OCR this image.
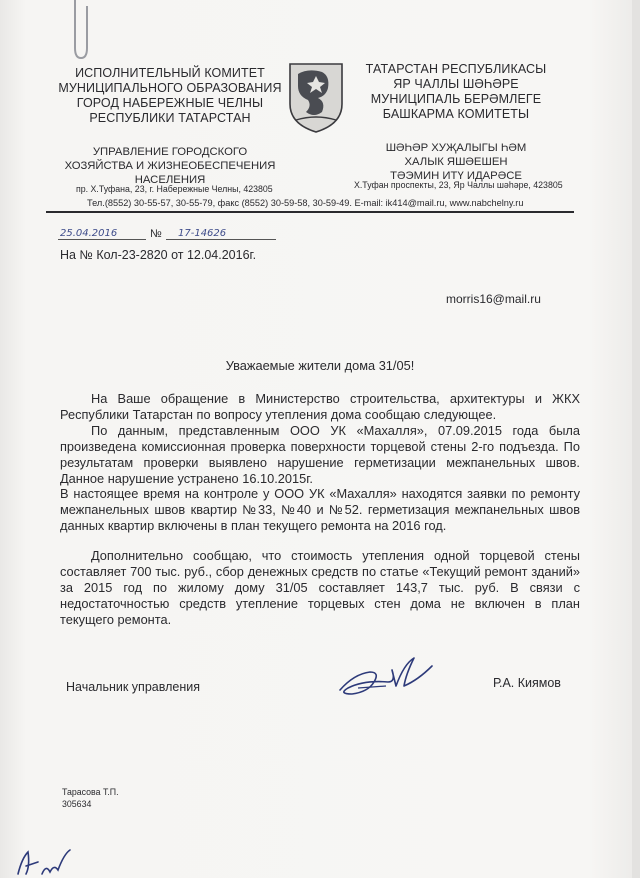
ИСПОЛНИТЕЛЬНЫЙ КОМИТЕТ
МУНИЦИПАЛЬНОГО ОБРАЗОВАНИЯ
ГОРОД НАБЕРЕЖНЫЕ ЧЕЛНЫ
РЕСПУБЛИКИ ТАТАРСТАН
УПРАВЛЕНИЕ ГОРОДСКОГО
ХОЗЯЙСТВА И ЖИЗНЕОБЕСПЕЧЕНИЯ
НАСЕЛЕНИЯ
пр. Х.Туфана, 23, г. Набережные Челны, 423805
ТАТАРСТАН РЕСПУБЛИКАСЫ
ЯР ЧАЛЛЫ ШӘҺӘРЕ
МУНИЦИПАЛЬ БЕРӘМЛЕГЕ
БАШКАРМА КОМИТЕТЫ
ШӘҺӘР ХУҖАЛЫГЫ ҺӘМ
ХАЛЫК ЯШӘЕШЕН
ТӘЭМИН ИТҮ ИДАРӘСЕ
Х.Туфан проспекты, 23, Яр Чаллы шәһәре, 423805
Тел.(8552) 30-55-57, 30-55-79, факс (8552) 30-59-58, 30-59-49. E-mail: ik414@mail.ru, www.nabchelny.ru
25.04.2016	№ 17-14626
На № Кол-23-2820 от 12.04.2016г.
morris16@mail.ru
Уважаемые жители дома 31/05!

На Ваше обращение в Министерство строительства, архитектуры и ЖКХ Республики Татарстан по вопросу утепления дома сообщаю следующее.

По данным, представленным ООО УК «Махалля», 07.09.2015 года была произведена комиссионная проверка поверхности торцевой стены 2-го подъезда. По результатам проверки выявлено нарушение герметизации межпанельных швов. Данное нарушение устранено 16.10.2015г.

В настоящее время на контроле у ООО УК «Махалля» находятся заявки по ремонту межпанельных швов квартир №33, №40 и №52. герметизация межпанельных швов данных квартир включены в план текущего ремонта на 2016 год.

Дополнительно сообщаю, что стоимость утепления одной торцевой стены составляет 700 тыс. руб., сбор денежных средств по статье «Текущий ремонт зданий» за 2015 год по жилому дому 31/05 составляет 143,7 тыс. руб. В связи с недостаточностью средств утепление торцевых стен дома не включен в план текущего ремонта.

Начальник управления	Р.А. Киямов
Тарасова Т.П.
305634
